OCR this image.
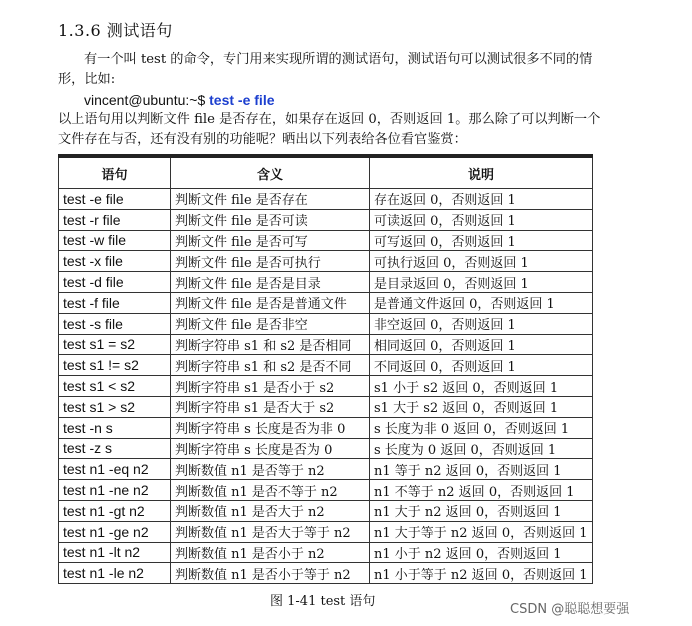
1.3.6 测试语句
有一个叫 test 的命令，专门用来实现所谓的测试语句，测试语句可以测试很多不同的情形，比如:
vincent@ubuntu:~$ test -e file
以上语句用以判断文件 file 是否存在，如果存在返回 0，否则返回 1。那么除了可以判断一个文件存在与否，还有没有别的功能呢？晒出以下列表给各位看官鉴赏：
语句	含义	说明
test -e file	判断文件 file 是否存在	存在返回 0，否则返回 1
test -r file	判断文件 file 是否可读	可读返回 0，否则返回 1
test -w file	判断文件 file 是否可写	可写返回 0，否则返回 1
test -x file	判断文件 file 是否可执行	可执行返回 0，否则返回 1
test -d file	判断文件 file 是否是目录	是目录返回 0，否则返回 1
test -f file	判断文件 file 是否是普通文件	是普通文件返回 0，否则返回 1
test -s file	判断文件 file 是否非空	非空返回 0，否则返回 1
test s1 = s2	判断字符串 s1 和 s2 是否相同	相同返回 0，否则返回 1
test s1 != s2	判断字符串 s1 和 s2 是否不同	不同返回 0，否则返回 1
test s1 < s2	判断字符串 s1 是否小于 s2	s1 小于 s2 返回 0，否则返回 1
test s1 > s2	判断字符串 s1 是否大于 s2	s1 大于 s2 返回 0，否则返回 1
test -n s	判断字符串 s 长度是否为非 0	s 长度为非 0 返回 0，否则返回 1
test -z s	判断字符串 s 长度是否为 0	s 长度为 0 返回 0，否则返回 1
test n1 -eq n2	判断数值 n1 是否等于 n2	n1 等于 n2 返回 0，否则返回 1
test n1 -ne n2	判断数值 n1 是否不等于 n2	n1 不等于 n2 返回 0，否则返回 1
test n1 -gt n2	判断数值 n1 是否大于 n2	n1 大于 n2 返回 0，否则返回 1
test n1 -ge n2	判断数值 n1 是否大于等于 n2	n1 大于等于 n2 返回 0，否则返回 1
test n1 -lt n2	判断数值 n1 是否小于 n2	n1 小于 n2 返回 0，否则返回 1
test n1 -le n2	判断数值 n1 是否小于等于 n2	n1 小于等于 n2 返回 0，否则返回 1
图 1-41 test 语句
CSDN @聪聪想要强
